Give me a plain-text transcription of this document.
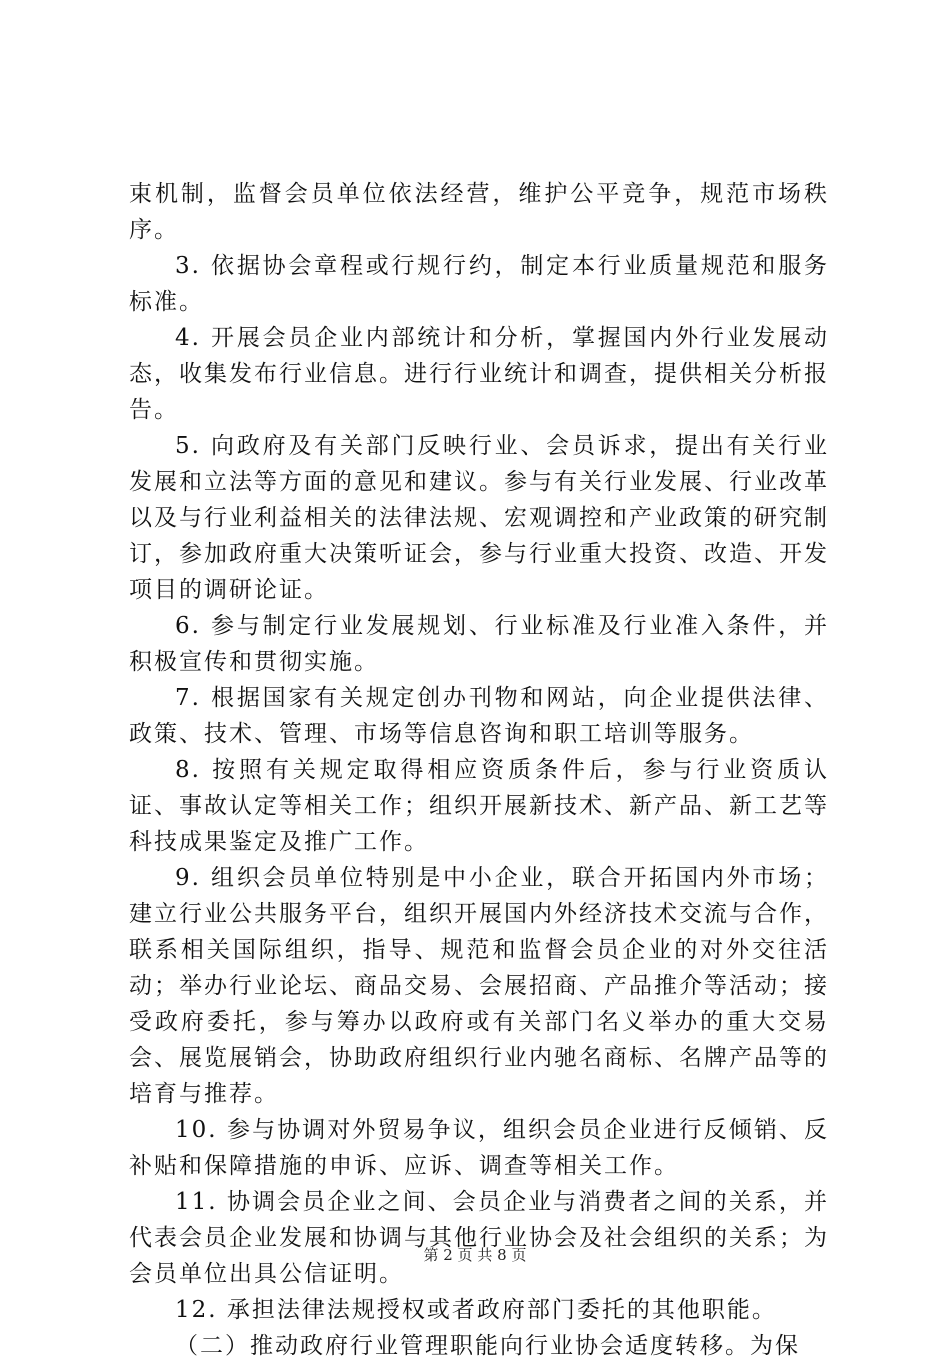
束机制，监督会员单位依法经营，维护公平竞争，规范市场秩序。

3. 依据协会章程或行规行约，制定本行业质量规范和服务标准。

4. 开展会员企业内部统计和分析，掌握国内外行业发展动态，收集发布行业信息。进行行业统计和调查，提供相关分析报告。

5. 向政府及有关部门反映行业、会员诉求，提出有关行业发展和立法等方面的意见和建议。参与有关行业发展、行业改革以及与行业利益相关的法律法规、宏观调控和产业政策的研究制订，参加政府重大决策听证会，参与行业重大投资、改造、开发项目的调研论证。

6. 参与制定行业发展规划、行业标准及行业准入条件，并积极宣传和贯彻实施。

7. 根据国家有关规定创办刊物和网站，向企业提供法律、政策、技术、管理、市场等信息咨询和职工培训等服务。

8. 按照有关规定取得相应资质条件后，参与行业资质认证、事故认定等相关工作；组织开展新技术、新产品、新工艺等科技成果鉴定及推广工作。

9. 组织会员单位特别是中小企业，联合开拓国内外市场；建立行业公共服务平台，组织开展国内外经济技术交流与合作，联系相关国际组织，指导、规范和监督会员企业的对外交往活动；举办行业论坛、商品交易、会展招商、产品推介等活动；接受政府委托，参与筹办以政府或有关部门名义举办的重大交易会、展览展销会，协助政府组织行业内驰名商标、名牌产品等的培育与推荐。

10. 参与协调对外贸易争议，组织会员企业进行反倾销、反补贴和保障措施的申诉、应诉、调查等相关工作。

11. 协调会员企业之间、会员企业与消费者之间的关系，并代表会员企业发展和协调与其他行业协会及社会组织的关系；为会员单位出具公信证明。

12. 承担法律法规授权或者政府部门委托的其他职能。

（二）推动政府行业管理职能向行业协会适度转移。为保

第 2 页 共 8 页
